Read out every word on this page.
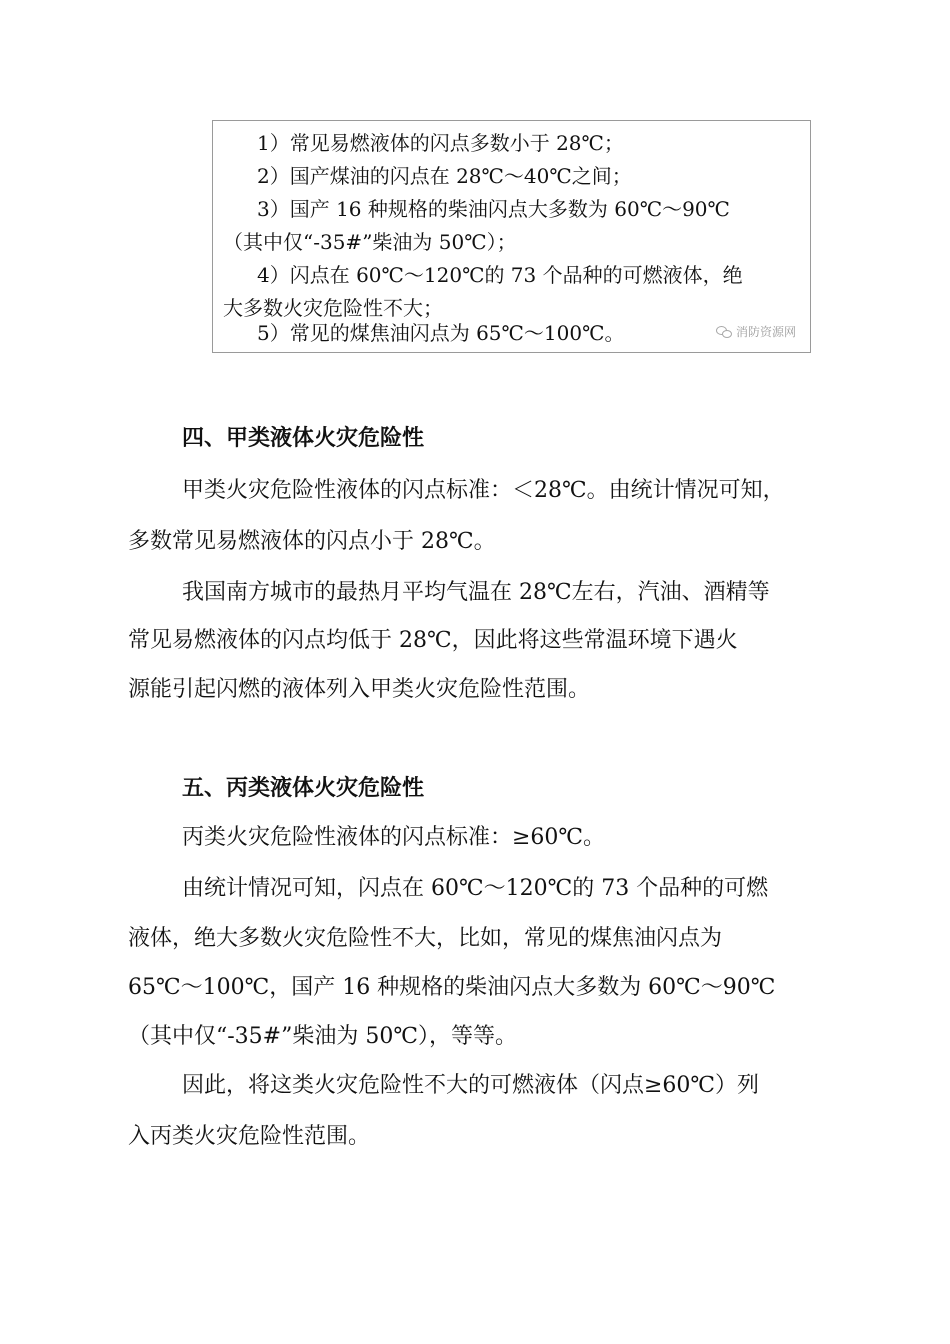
1）常见易燃液体的闪点多数小于 28℃；
2）国产煤油的闪点在 28℃～40℃之间；
3）国产 16 种规格的柴油闪点大多数为 60℃～90℃
（其中仅“-35#”柴油为 50℃）；
4）闪点在 60℃～120℃的 73 个品种的可燃液体，绝
大多数火灾危险性不大；
5）常见的煤焦油闪点为 65℃～100℃。	消防资源网
四、甲类液体火灾危险性
甲类火灾危险性液体的闪点标准：＜28℃。由统计情况可知，
多数常见易燃液体的闪点小于 28℃。
我国南方城市的最热月平均气温在 28℃左右，汽油、酒精等
常见易燃液体的闪点均低于 28℃，因此将这些常温环境下遇火
源能引起闪燃的液体列入甲类火灾危险性范围。
五、丙类液体火灾危险性
丙类火灾危险性液体的闪点标准：≥60℃。
由统计情况可知，闪点在 60℃～120℃的 73 个品种的可燃
液体，绝大多数火灾危险性不大，比如，常见的煤焦油闪点为
65℃～100℃，国产 16 种规格的柴油闪点大多数为 60℃～90℃
（其中仅“-35#”柴油为 50℃），等等。
因此，将这类火灾危险性不大的可燃液体（闪点≥60℃）列
入丙类火灾危险性范围。
